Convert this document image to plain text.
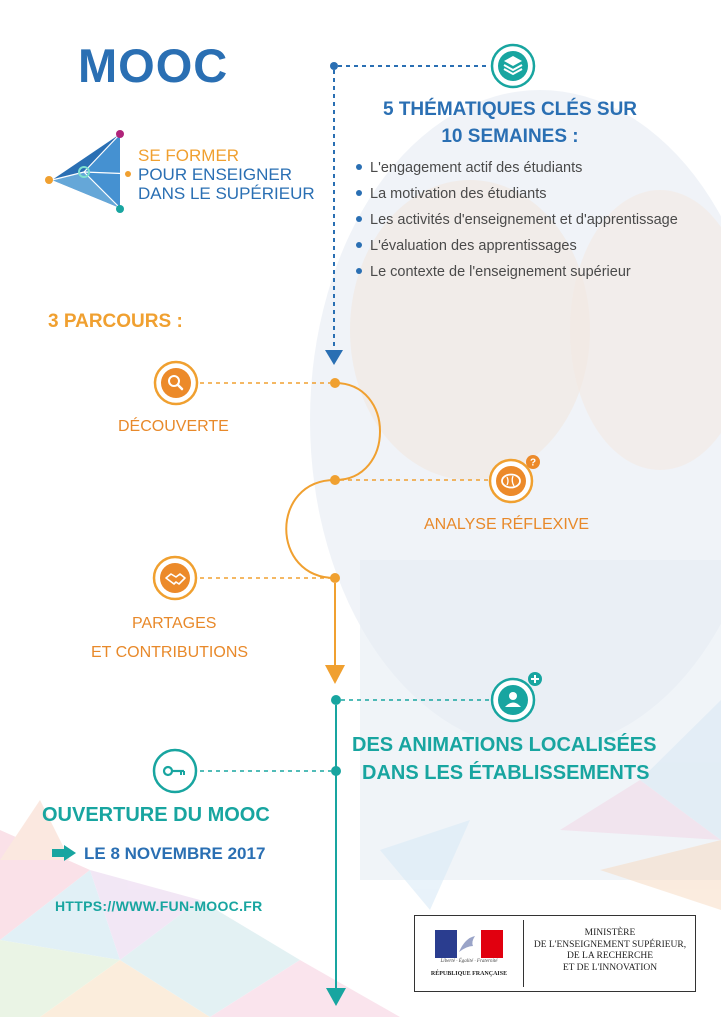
MOOC
SE FORMER
POUR ENSEIGNER
DANS LE SUPÉRIEUR
5 THÉMATIQUES CLÉS SUR
10 SEMAINES :
L'engagement actif des étudiants
La motivation des étudiants
Les activités d'enseignement et d'apprentissage
L'évaluation des apprentissages
Le contexte de l'enseignement supérieur
3 PARCOURS :
DÉCOUVERTE
?
ANALYSE RÉFLEXIVE
PARTAGES
ET CONTRIBUTIONS
DES ANIMATIONS LOCALISÉES
DANS LES ÉTABLISSEMENTS
OUVERTURE DU MOOC
LE 8 NOVEMBRE 2017
HTTPS://WWW.FUN-MOOC.FR
Liberté · Égalité · Fraternité
RÉPUBLIQUE FRANÇAISE
MINISTÈRE
DE L'ENSEIGNEMENT SUPÉRIEUR,
DE LA RECHERCHE
ET DE L'INNOVATION
